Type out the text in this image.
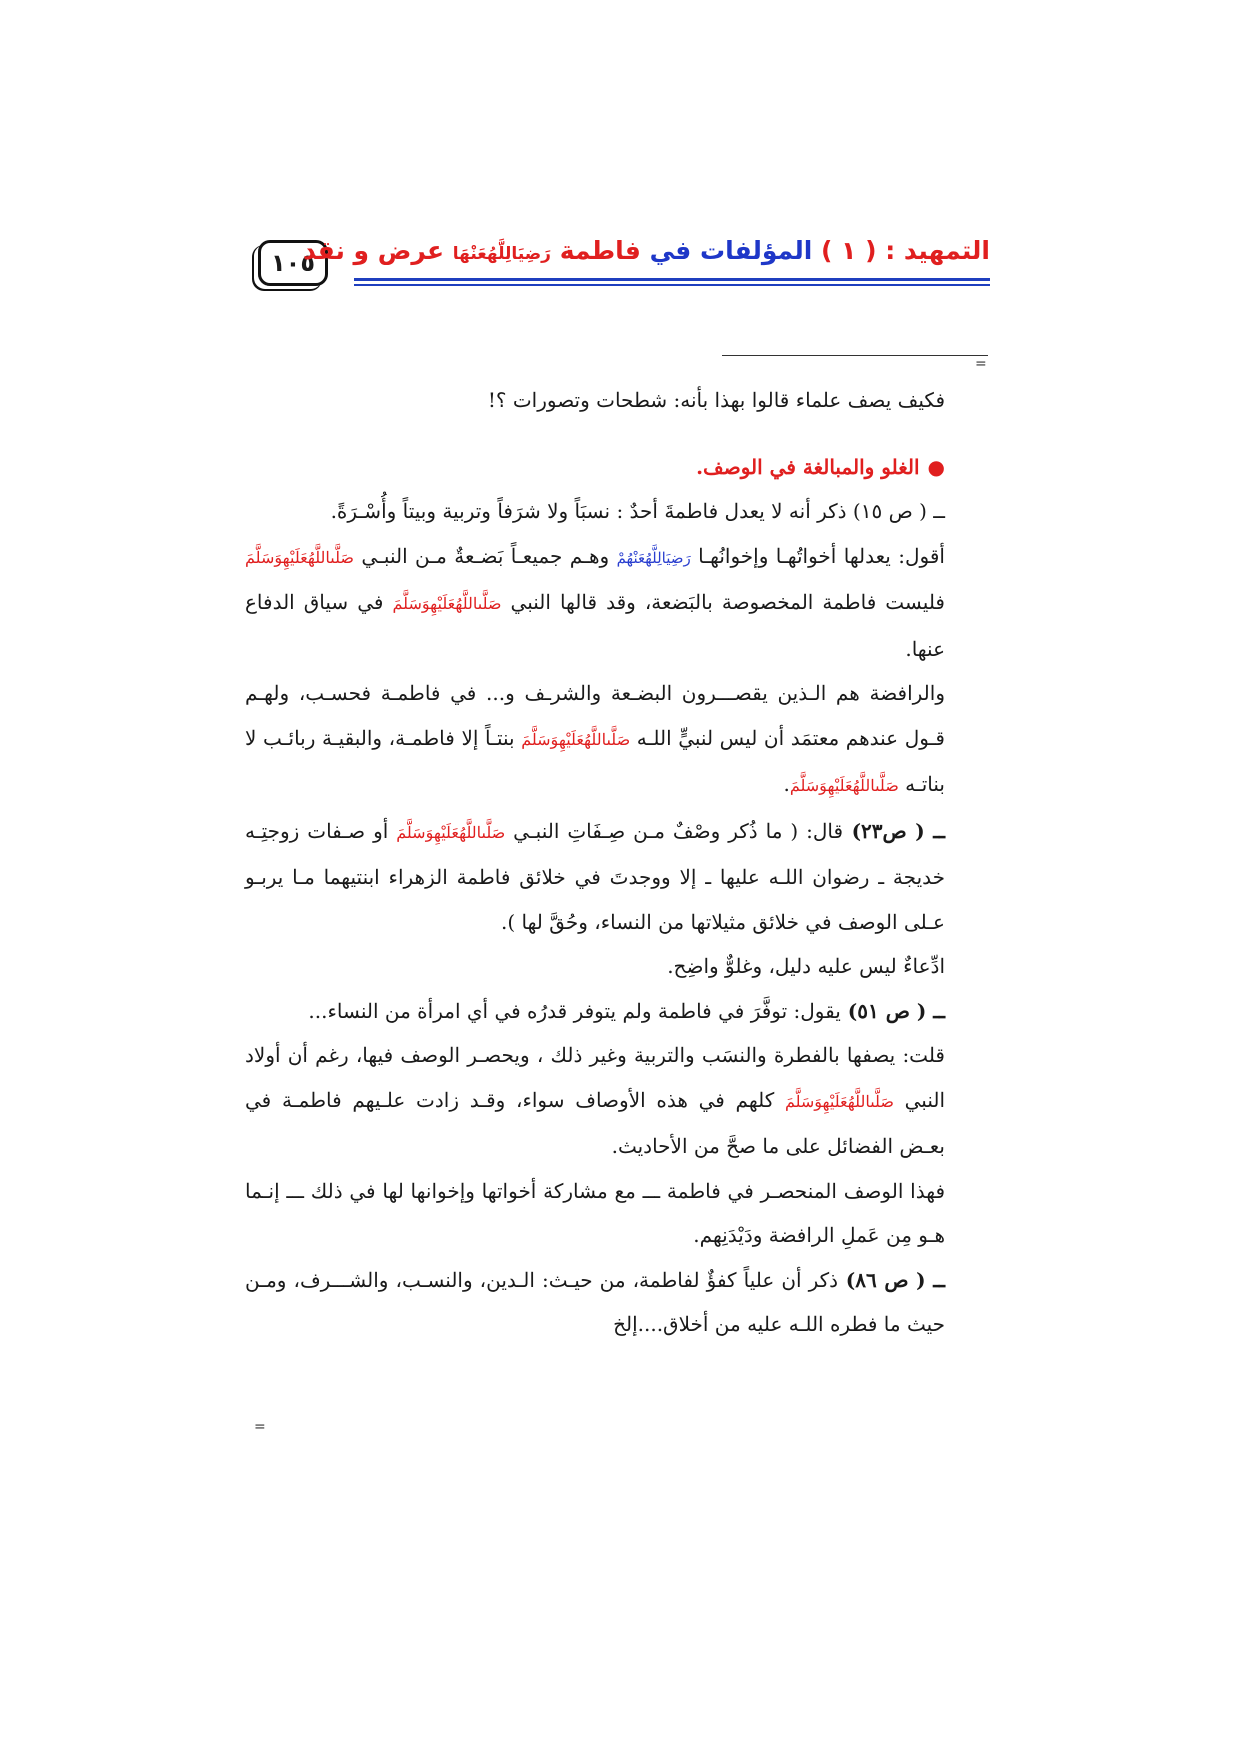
١٠٥	التمهيد : ( ١ ) المؤلفات في فاطمة رَضِيَالِلَّهُعَنْهَا عرض و نقد
=
=

فكيف يصف علماء قالوا بهذا بأنه: شطحات وتصورات ؟!

●الغلو والمبالغة في الوصف.

ــ ( ص ١٥) ذكر أنه لا يعدل فاطمةَ أحدٌ : نسبَاً ولا شرَفاً وتربية وبيتاً وأُسْـرَةً.

أقول: يعدلها أخواتُهـا وإخوانُهـا رَضِيَالِلَّهُعَنْهُمْ وهـم جميعـاً بَضـعةٌ مـن النبـي صَلَّىاللَّهُعَلَيْهِوَسَلَّمَ فليست فاطمة المخصوصة بالبَضعة، وقد قالها النبي صَلَّىاللَّهُعَلَيْهِوَسَلَّمَ في سياق الدفاع عنها.

والرافضة هم الـذين يقصـــرون البضـعة والشرـف و... في فاطمـة فحسـب، ولهـم قـول عندهم معتمَد أن ليس لنبيٍّ اللـه صَلَّىاللَّهُعَلَيْهِوَسَلَّمَ بنتـاً إلا فاطمـة، والبقيـة ربائـب لا بناتـه صَلَّىاللَّهُعَلَيْهِوَسَلَّمَ.

ــ ( ص٢٣) قال: ( ما ذُكر وصْفٌ مـن صِـفَاتِ النبـي صَلَّىاللَّهُعَلَيْهِوَسَلَّمَ أو صـفات زوجتِـه خديجة ـ رضوان اللـه عليها ـ إلا ووجدتَ في خلائق فاطمة الزهراء ابنتيهما مـا يربـو عـلى الوصف في خلائق مثيلاتها من النساء، وحُقَّ لها ).

ادِّعاءٌ ليس عليه دليل، وغلوٌّ واضِح.

ــ ( ص ٥١) يقول: توفَّرَ في فاطمة ولم يتوفر قدرُه في أي امرأة من النساء...

قلت: يصفها بالفطرة والنسَب والتربية وغير ذلك ، ويحصـر الوصف فيها، رغم أن أولاد النبي صَلَّىاللَّهُعَلَيْهِوَسَلَّمَ كلهم في هذه الأوصاف سواء، وقـد زادت علـيهم فاطمـة في بعـض الفضائل على ما صحَّ من الأحاديث.

فهذا الوصف المنحصـر في فاطمة ـــ مع مشاركة أخواتها وإخوانها لها في ذلك ـــ إنـما هـو مِن عَملِ الرافضة ودَيْدَنِهم.

ــ ( ص ٨٦) ذكر أن علياً كفؤٌ لفاطمة، من حيـث: الـدين، والنسـب، والشـــرف، ومـن حيث ما فطره اللـه عليه من أخلاق....إلخ
